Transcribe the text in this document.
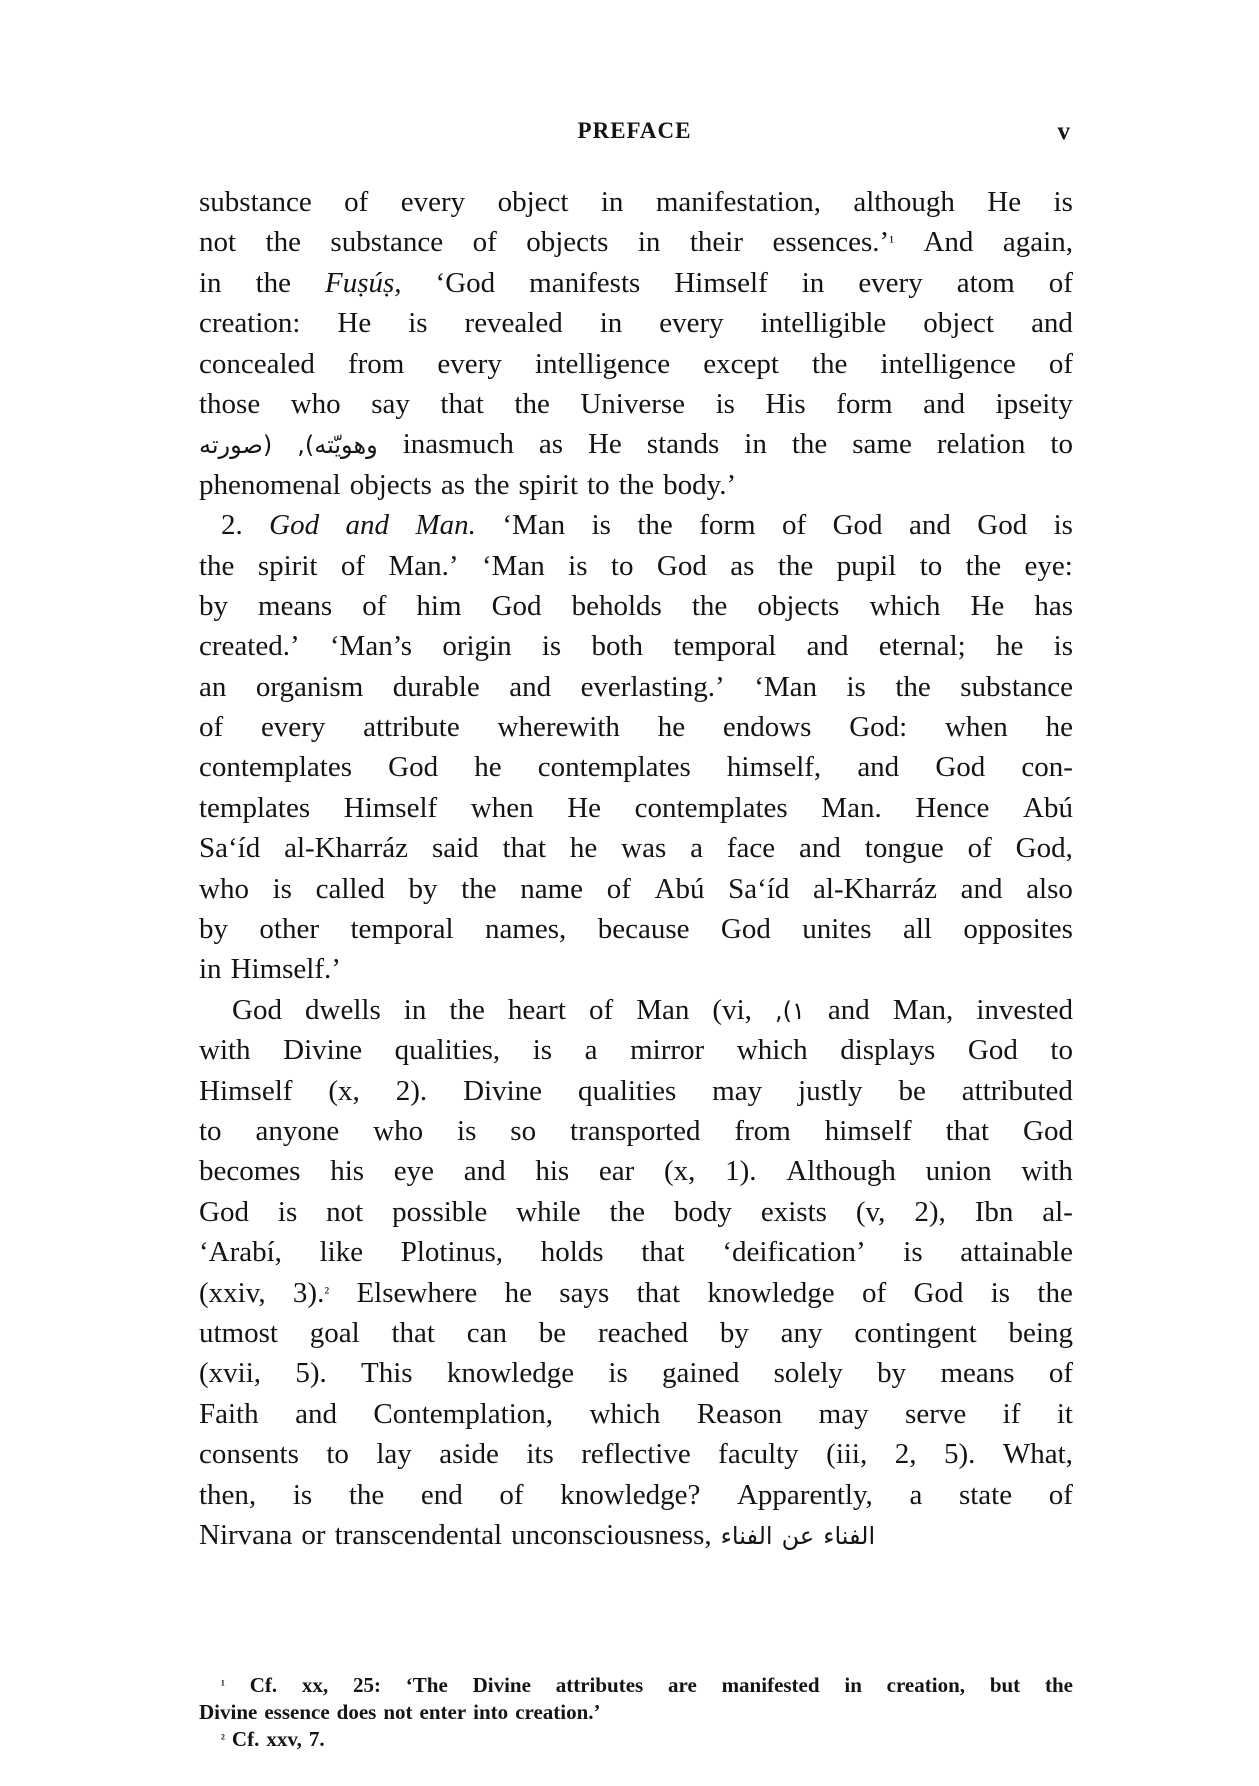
PREFACE	v
substance of every object in manifestation, although He is
not the substance of objects in their essences.’$^{^1}$ And again,
in the Fuṣúṣ, ‘God manifests Himself in every atom of
creation: He is revealed in every intelligible object and
concealed from every intelligence except the intelligence of
those who say that the Universe is His form and ipseity
(صورته وهويّته), inasmuch as He stands in the same relation to
phenomenal objects as the spirit to the body.’
2. God and Man. ‘Man is the form of God and God is
the spirit of Man.’ ‘Man is to God as the pupil to the eye:
by means of him God beholds the objects which He has
created.’ ‘Man’s origin is both temporal and eternal; he is
an organism durable and everlasting.’ ‘Man is the substance
of every attribute wherewith he endows God: when he
contemplates God he contemplates himself, and God con-
templates Himself when He contemplates Man. Hence Abú
Sa‘íd al-Kharráz said that he was a face and tongue of God,
who is called by the name of Abú Sa‘íd al-Kharráz and also
by other temporal names, because God unites all opposites
in Himself.’
God dwells in the heart of Man (vi, ١), and Man, invested
with Divine qualities, is a mirror which displays God to
Himself (x, 2). Divine qualities may justly be attributed
to anyone who is so transported from himself that God
becomes his eye and his ear (x, 1). Although union with
God is not possible while the body exists (v, 2), Ibn al-
‘Arabí, like Plotinus, holds that ‘deification’ is attainable
(xxiv, 3).$^{^2}$ Elsewhere he says that knowledge of God is the
utmost goal that can be reached by any contingent being
(xvii, 5). This knowledge is gained solely by means of
Faith and Contemplation, which Reason may serve if it
consents to lay aside its reflective faculty (iii, 2, 5). What,
then, is the end of knowledge? Apparently, a state of
Nirvana or transcendental unconsciousness, الفناء عن الفناء
$^{^1}$ Cf. xx, 25: ‘The Divine attributes are manifested in creation, but the
Divine essence does not enter into creation.’
$^{^2}$ Cf. xxv, 7.
